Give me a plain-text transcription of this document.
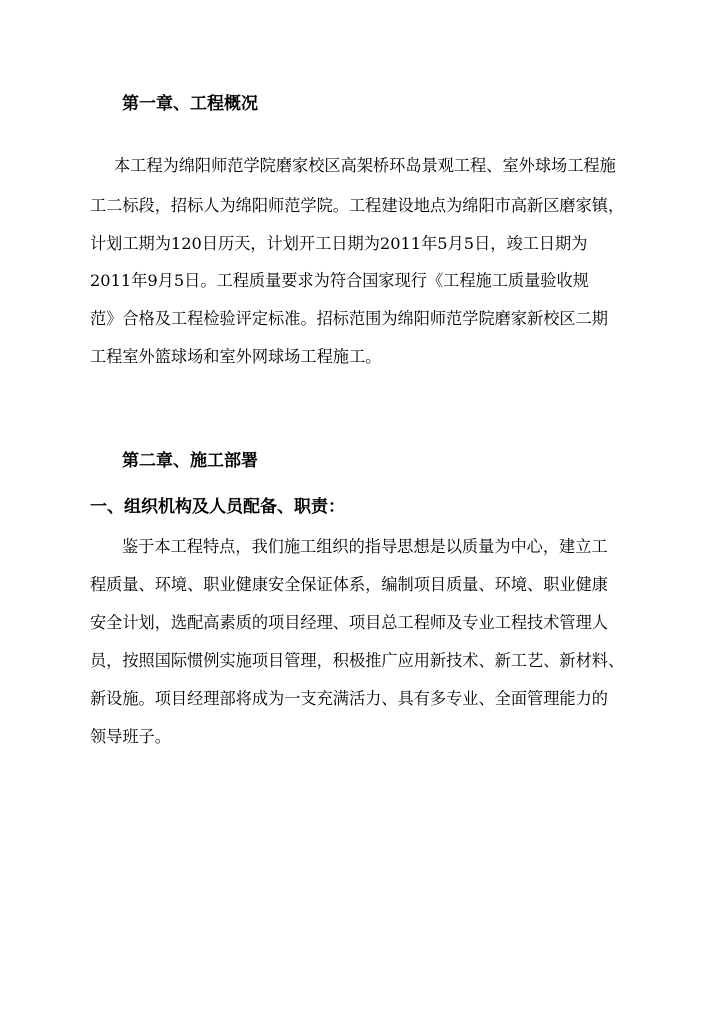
第一章、工程概况
本工程为绵阳师范学院磨家校区高架桥环岛景观工程、室外球场工程施
工二标段，招标人为绵阳师范学院。工程建设地点为绵阳市高新区磨家镇，
计划工期为120日历天，计划开工日期为2011年5月5日，竣工日期为
2011年9月5日。工程质量要求为符合国家现行《工程施工质量验收规
范》合格及工程检验评定标准。招标范围为绵阳师范学院磨家新校区二期
工程室外篮球场和室外网球场工程施工。
第二章、施工部署
一、组织机构及人员配备、职责：
鉴于本工程特点，我们施工组织的指导思想是以质量为中心，建立工
程质量、环境、职业健康安全保证体系，编制项目质量、环境、职业健康
安全计划，选配高素质的项目经理、项目总工程师及专业工程技术管理人
员，按照国际惯例实施项目管理，积极推广应用新技术、新工艺、新材料、
新设施。项目经理部将成为一支充满活力、具有多专业、全面管理能力的
领导班子。
